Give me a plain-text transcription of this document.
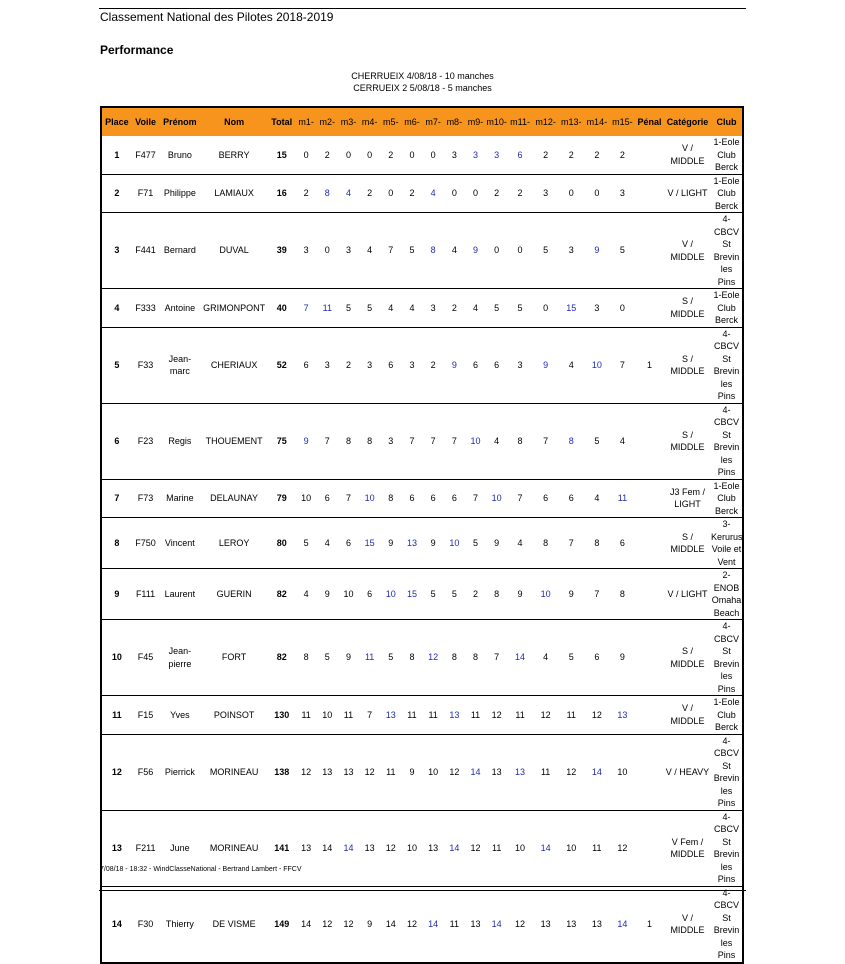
Classement National des Pilotes 2018-2019
Performance
CHERRUEIX 4/08/18 - 10 manches
CERRUEIX 2 5/08/18 - 5 manches
Place	Voile	Prénom	Nom	Total	m1-	m2-	m3-	m4-	m5-	m6-	m7-	m8-	m9-	m10-	m11-	m12-	m13-	m14-	m15-	Pénal	Catégorie	Club
1	F477	Bruno	BERRY	15	0	2	0	0	2	0	0	3	3	3	6	2	2	2	2		V / MIDDLE	1-Eole Club Berck
2	F71	Philippe	LAMIAUX	16	2	8	4	2	0	2	4	0	0	2	2	3	0	0	3		V / LIGHT	1-Eole Club Berck
3	F441	Bernard	DUVAL	39	3	0	3	4	7	5	8	4	9	0	0	5	3	9	5		V / MIDDLE	4-CBCV St Brevin les Pins
4	F333	Antoine	GRIMONPONT	40	7	11	5	5	4	4	3	2	4	5	5	0	15	3	0		S / MIDDLE	1-Eole Club Berck
5	F33	Jean-marc	CHERIAUX	52	6	3	2	3	6	3	2	9	6	6	3	9	4	10	7	1	S / MIDDLE	4-CBCV St Brevin les Pins
6	F23	Regis	THOUEMENT	75	9	7	8	8	3	7	7	7	10	4	8	7	8	5	4		S / MIDDLE	4-CBCV St Brevin les Pins
7	F73	Marine	DELAUNAY	79	10	6	7	10	8	6	6	6	7	10	7	6	6	4	11		J3 Fem / LIGHT	1-Eole Club Berck
8	F750	Vincent	LEROY	80	5	4	6	15	9	13	9	10	5	9	4	8	7	8	6		S / MIDDLE	3-Kerurus Voile et Vent
9	F111	Laurent	GUERIN	82	4	9	10	6	10	15	5	5	2	8	9	10	9	7	8		V / LIGHT	2-ENOB Omaha Beach
10	F45	Jean-pierre	FORT	82	8	5	9	11	5	8	12	8	8	7	14	4	5	6	9		S / MIDDLE	4-CBCV St Brevin les Pins
11	F15	Yves	POINSOT	130	11	10	11	7	13	11	11	13	11	12	11	12	11	12	13		V / MIDDLE	1-Eole Club Berck
12	F56	Pierrick	MORINEAU	138	12	13	13	12	11	9	10	12	14	13	13	11	12	14	10		V / HEAVY	4-CBCV St Brevin les Pins
13	F211	June	MORINEAU	141	13	14	14	13	12	10	13	14	12	11	10	14	10	11	12		V Fem / MIDDLE	4-CBCV St Brevin les Pins
14	F30	Thierry	DE VISME	149	14	12	12	9	14	12	14	11	13	14	12	13	13	13	14	1	V / MIDDLE	4-CBCV St Brevin les Pins
7/08/18 - 18:32 - WindClasseNational - Bertrand Lambert - FFCV
